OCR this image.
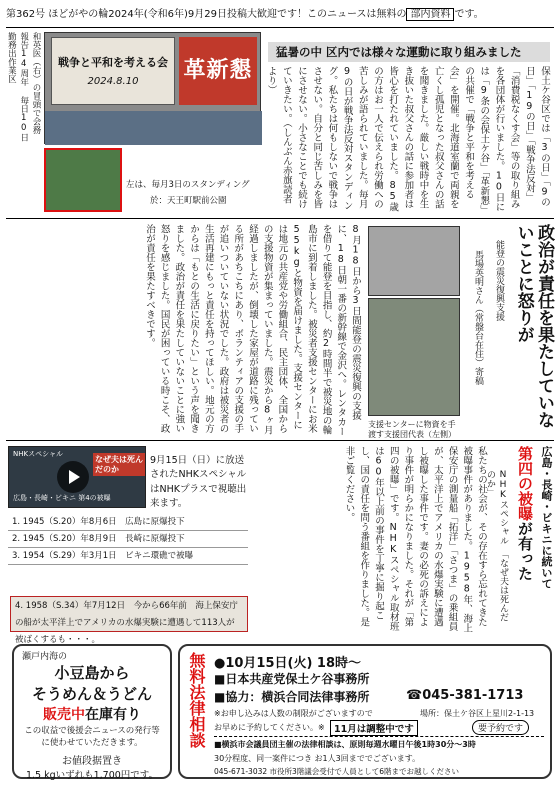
第362号 ほどがやの輪2024年(令和6年)9月29日投稿大歓迎です！このニュースは無料の 部内資料 です。
和英医（右）の冒頭で会務報告14周年 毎日10日 勤務出作業区	戦争と平和を考える会
2024.8.10	革新懇
左は、毎月3日のスタンディング
於：天王町駅前公園
猛暑の中 区内では様々な運動に取り組みました
保土ケ谷区では「3の日」「9の日」「19の日」「戦争法反対」「消費税なくす会」等の取り組みを各団体が行いました。10日には「9条の会保土ケ谷」「革新懇」の共催で「戦争と平和を考える会」を開催。北海道室蘭で両親を亡くし孤児となった叔父さんの話を聞きました。厳しい戦時中を生き抜いた叔父さんの話に参加者は皆心を打たれていました。85歳の方はお一人で伝えられ労働への苦しみが語られていました。毎月9の日が戦争法反対スタンディング。私たちは何もしないで戦争はさせない。自分と同じ苦しみを皆にさせない。小さなことでも続けていきたい。（しんぶん赤旗読者より）
政治が責任を果たしていないことに怒りが
能登の震災復興支援
馬場英明さん（常盤台在住）寄稿
支援センターに物資を手渡す支援団代表（左側）
8月18日から3日間能登の震災復興の支援に、18日朝一番の新幹線で金沢へ。レンタカーを借りて能登を目指し、約2時間半で被災地の輪島市に到着しました。被災者支援センターにお米55kgと物資を届けました。支援センターには地元の共産党や労働組合、民主団体、全国からの支援物資が集まっていました。震災から8ヶ月経過しましたが、倒壊した家屋が道路に残っている所があちこちにあり、ボランティアの支援の手が追いついていない状況でした。政府は被災者の生活再建にもっと責任を持ってほしい。地元の方からは「もとの生活に戻りたい」という声を聞きました。政治が責任を果たしていないことに強い怒りを感じました。国民が困っている時こそ、政治が責任を果たすべきです。
NHKスペシャル
なぜ夫は死んだのか
広島・長崎・ビキニ 第4の被曝
9月15日（日）に放送されたNHKスペシャルはNHKプラスで視聴出来ます。
1. 1945（S.20）年8月6日　広島に原爆投下
2. 1945（S.20）年8月9日　長崎に原爆投下
3. 1954（S.29）年3月1日　ビキニ環礁で被曝
4. 1958（S.34）年7月12日　今から66年前　海上保安庁の船が太平洋上でアメリカの水爆実験に遭遇して113人が被ばくするも・・・。
広島・長崎・ビキニに続いて
第四の被曝が有った
NHKスペシャル　「なぜ夫は死んだのか」
私たちの社会が、その存在すら忘れてきた被曝事件がありました。1958年、海上保安庁の測量船「拓洋」「さつま」の乗組員が、太平洋上でアメリカの水爆実験に遭遇し被曝した事件です。妻の必死の訴えにより事件が明らかになりました。それが「第四の被曝」です。NHKスペシャル取材班は60年以上前の事件を丁寧に掘り起こし、国の責任を問う番組を作りました。是非ご覧ください。
瀬戸内海の
小豆島から
そうめん＆うどん
販売中在庫有り
この収益で後援会ニュースの発行等に使わせていただきます。
お値段据置き
1.5 kgいずれも1,700円です。
無料法律相談 ●10月15日(火) 18時～
■日本共産党保土ケ谷事務所
■協力：横浜合同法律事務所	☎045-381-1713
※お申し込みは人数の制限がございますので
お早めに予約してください。※ 11月は調整中です
場所：保土ケ谷区上星川2-1-13
要予約です
■横浜市会議員団主催の法律相談は、原則毎週水曜日午後1時30分～3時
30分程度、同一案件につき お1人3回まででございます。
045-671-3032 市役所3階議会受付で人員として6階までお越しください
